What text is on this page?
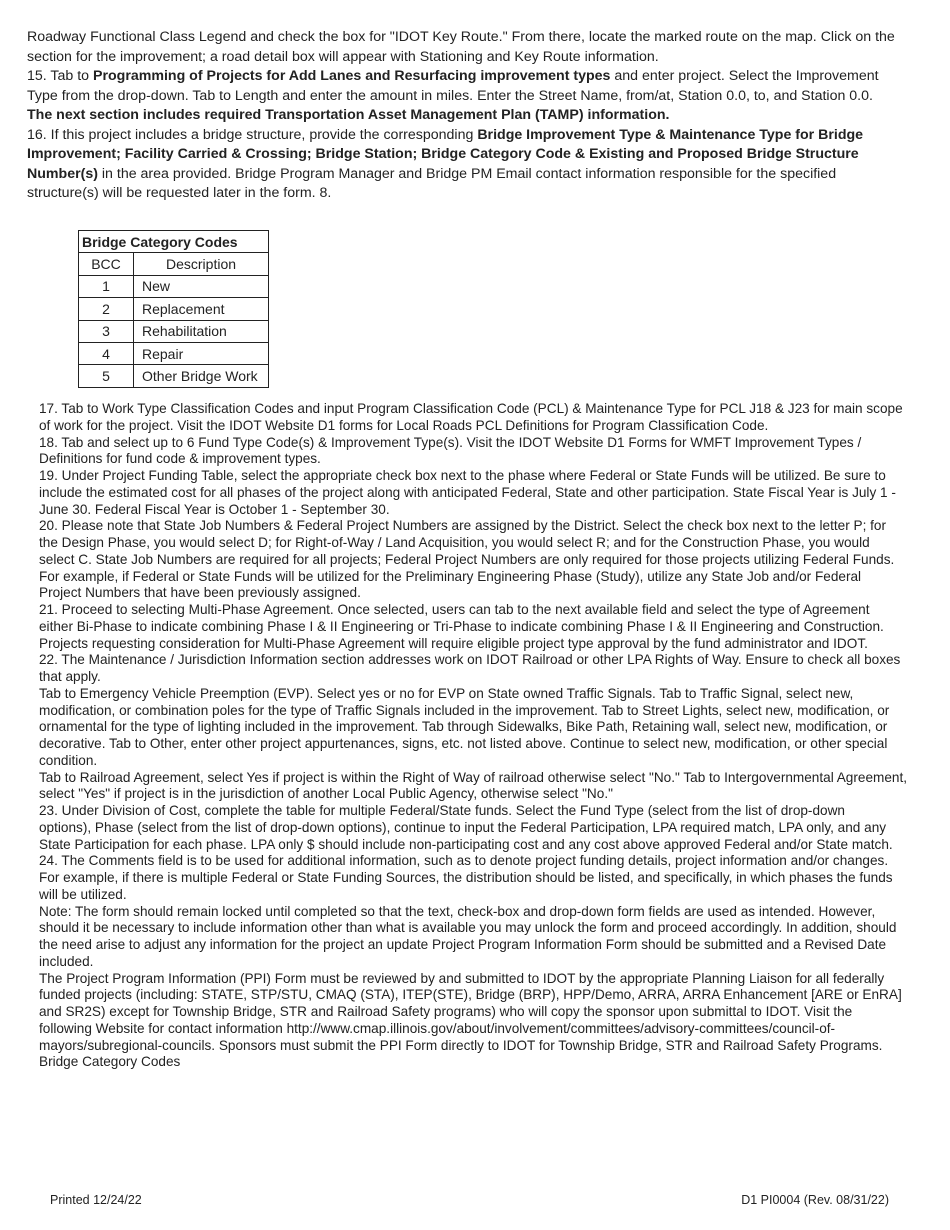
Roadway Functional Class Legend and check the box for "IDOT Key Route." From there, locate the marked route on the map. Click on the section for the improvement; a road detail box will appear with Stationing and Key Route information.

15. Tab to Programming of Projects for Add Lanes and Resurfacing improvement types and enter project. Select the Improvement Type from the drop-down. Tab to Length and enter the amount in miles. Enter the Street Name, from/at, Station 0.0, to, and Station 0.0.

The next section includes required Transportation Asset Management Plan (TAMP) information.

16. If this project includes a bridge structure, provide the corresponding Bridge Improvement Type & Maintenance Type for Bridge Improvement; Facility Carried & Crossing; Bridge Station; Bridge Category Code & Existing and Proposed Bridge Structure Number(s) in the area provided. Bridge Program Manager and Bridge PM Email contact information responsible for the specified structure(s) will be requested later in the form. 8.

Bridge Category Codes	
BCC	Description
1	New
2	Replacement
3	Rehabilitation
4	Repair
5	Other Bridge Work

17. Tab to Work Type Classification Codes and input Program Classification Code (PCL) & Maintenance Type for PCL J18 & J23 for main scope of work for the project. Visit the IDOT Website D1 forms for Local Roads PCL Definitions for Program Classification Code.

18. Tab and select up to 6 Fund Type Code(s) & Improvement Type(s). Visit the IDOT Website D1 Forms for WMFT Improvement Types / Definitions for fund code & improvement types.

19. Under Project Funding Table, select the appropriate check box next to the phase where Federal or State Funds will be utilized. Be sure to include the estimated cost for all phases of the project along with anticipated Federal, State and other participation. State Fiscal Year is July 1 - June 30. Federal Fiscal Year is October 1 - September 30.

20. Please note that State Job Numbers & Federal Project Numbers are assigned by the District. Select the check box next to the letter P; for the Design Phase, you would select D; for Right-of-Way / Land Acquisition, you would select R; and for the Construction Phase, you would select C. State Job Numbers are required for all projects; Federal Project Numbers are only required for those projects utilizing Federal Funds. For example, if Federal or State Funds will be utilized for the Preliminary Engineering Phase (Study), utilize any State Job and/or Federal Project Numbers that have been previously assigned.

21. Proceed to selecting Multi-Phase Agreement. Once selected, users can tab to the next available field and select the type of Agreement either Bi-Phase to indicate combining Phase I & II Engineering or Tri-Phase to indicate combining Phase I & II Engineering and Construction. Projects requesting consideration for Multi-Phase Agreement will require eligible project type approval by the fund administrator and IDOT.

22. The Maintenance / Jurisdiction Information section addresses work on IDOT Railroad or other LPA Rights of Way. Ensure to check all boxes that apply.

Tab to Emergency Vehicle Preemption (EVP). Select yes or no for EVP on State owned Traffic Signals. Tab to Traffic Signal, select new, modification, or combination poles for the type of Traffic Signals included in the improvement. Tab to Street Lights, select new, modification, or ornamental for the type of lighting included in the improvement. Tab through Sidewalks, Bike Path, Retaining wall, select new, modification, or decorative. Tab to Other, enter other project appurtenances, signs, etc. not listed above. Continue to select new, modification, or other special condition.

Tab to Railroad Agreement, select Yes if project is within the Right of Way of railroad otherwise select "No." Tab to Intergovernmental Agreement, select "Yes" if project is in the jurisdiction of another Local Public Agency, otherwise select "No."

23. Under Division of Cost, complete the table for multiple Federal/State funds. Select the Fund Type (select from the list of drop-down

options), Phase (select from the list of drop-down options), continue to input the Federal Participation, LPA required match, LPA only, and any State Participation for each phase. LPA only $ should include non-participating cost and any cost above approved Federal and/or State match.

24. The Comments field is to be used for additional information, such as to denote project funding details, project information and/or changes. For example, if there is multiple Federal or State Funding Sources, the distribution should be listed, and specifically, in which phases the funds will be utilized.

Note: The form should remain locked until completed so that the text, check-box and drop-down form fields are used as intended. However, should it be necessary to include information other than what is available you may unlock the form and proceed accordingly. In addition, should the need arise to adjust any information for the project an update Project Program Information Form should be submitted and a Revised Date included.

The Project Program Information (PPI) Form must be reviewed by and submitted to IDOT by the appropriate Planning Liaison for all federally funded projects (including: STATE, STP/STU, CMAQ (STA), ITEP(STE), Bridge (BRP), HPP/Demo, ARRA, ARRA Enhancement [ARE or EnRA] and SR2S) except for Township Bridge, STR and Railroad Safety programs) who will copy the sponsor upon submittal to IDOT. Visit the following Website for contact information http://www.cmap.illinois.gov/about/involvement/committees/advisory-committees/council-of-mayors/subregional-councils. Sponsors must submit the PPI Form directly to IDOT for Township Bridge, STR and Railroad Safety Programs.

Bridge Category Codes

Printed 12/24/22	D1 PI0004 (Rev. 08/31/22)
